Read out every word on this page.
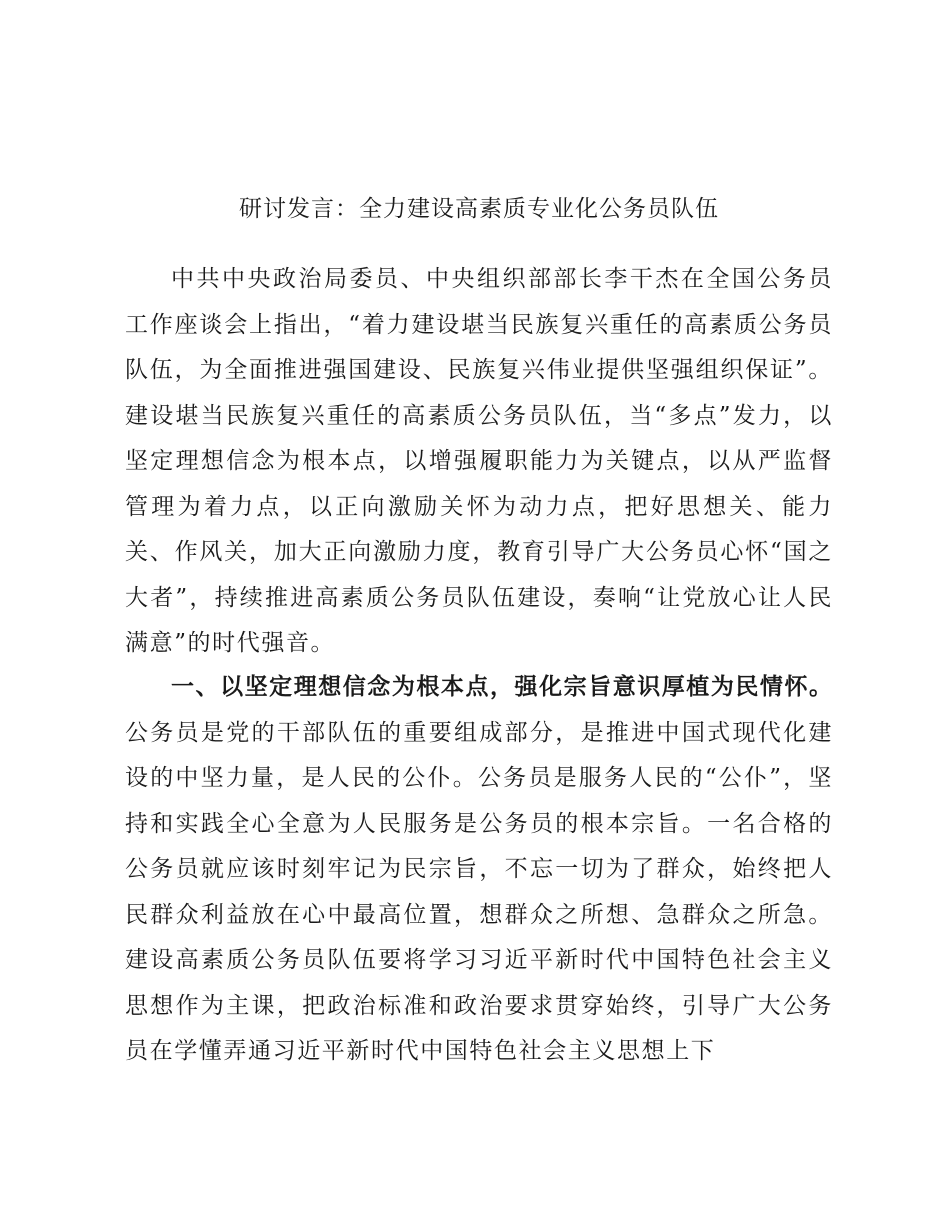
研讨发言：全力建设高素质专业化公务员队伍

中共中央政治局委员、中央组织部部长李干杰在全国公务员工作座谈会上指出，“着力建设堪当民族复兴重任的高素质公务员队伍，为全面推进强国建设、民族复兴伟业提供坚强组织保证”。建设堪当民族复兴重任的高素质公务员队伍，当“多点”发力，以坚定理想信念为根本点，以增强履职能力为关键点，以从严监督管理为着力点，以正向激励关怀为动力点，把好思想关、能力关、作风关，加大正向激励力度，教育引导广大公务员心怀“国之大者”，持续推进高素质公务员队伍建设，奏响“让党放心让人民满意”的时代强音。

一、以坚定理想信念为根本点，强化宗旨意识厚植为民情怀。公务员是党的干部队伍的重要组成部分，是推进中国式现代化建设的中坚力量，是人民的公仆。公务员是服务人民的“公仆”，坚持和实践全心全意为人民服务是公务员的根本宗旨。一名合格的公务员就应该时刻牢记为民宗旨，不忘一切为了群众，始终把人民群众利益放在心中最高位置，想群众之所想、急群众之所急。建设高素质公务员队伍要将学习习近平新时代中国特色社会主义思想作为主课，把政治标准和政治要求贯穿始终，引导广大公务员在学懂弄通习近平新时代中国特色社会主义思想上下
